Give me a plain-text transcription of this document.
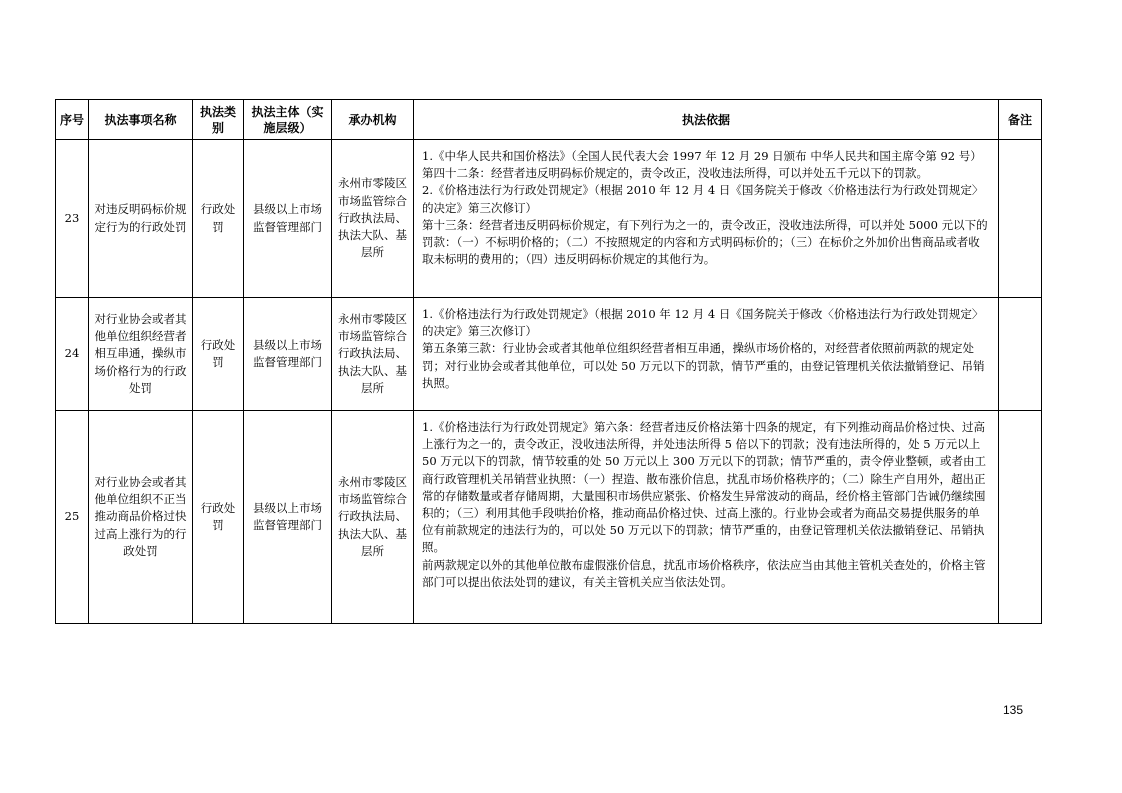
序号	执法事项名称	执法类别	执法主体（实施层级）	承办机构	执法依据	备注
23	对违反明码标价规定行为的行政处罚	行政处罚	县级以上市场监督管理部门	永州市零陵区市场监管综合行政执法局、执法大队、基层所	1.《中华人民共和国价格法》（全国人民代表大会 1997 年 12 月 29 日颁布 中华人民共和国主席令第 92 号）

第四十二条：经营者违反明码标价规定的，责令改正，没收违法所得，可以并处五千元以下的罚款。

2.《价格违法行为行政处罚规定》（根据 2010 年 12 月 4 日《国务院关于修改〈价格违法行为行政处罚规定〉的决定》第三次修订）

第十三条：经营者违反明码标价规定，有下列行为之一的，责令改正，没收违法所得，可以并处 5000 元以下的罚款：（一）不标明价格的；（二）不按照规定的内容和方式明码标价的；（三）在标价之外加价出售商品或者收取未标明的费用的；（四）违反明码标价规定的其他行为。	

24	对行业协会或者其他单位组织经营者相互串通，操纵市场价格行为的行政处罚	行政处罚	县级以上市场监督管理部门	永州市零陵区市场监管综合行政执法局、执法大队、基层所	1.《价格违法行为行政处罚规定》（根据 2010 年 12 月 4 日《国务院关于修改〈价格违法行为行政处罚规定〉的决定》第三次修订）

第五条第三款：行业协会或者其他单位组织经营者相互串通，操纵市场价格的，对经营者依照前两款的规定处罚；对行业协会或者其他单位，可以处 50 万元以下的罚款，情节严重的，由登记管理机关依法撤销登记、吊销执照。	

25	对行业协会或者其他单位组织不正当推动商品价格过快过高上涨行为的行政处罚	行政处罚	县级以上市场监督管理部门	永州市零陵区市场监管综合行政执法局、执法大队、基层所	1.《价格违法行为行政处罚规定》第六条：经营者违反价格法第十四条的规定，有下列推动商品价格过快、过高上涨行为之一的，责令改正，没收违法所得，并处违法所得 5 倍以下的罚款；没有违法所得的，处 5 万元以上 50 万元以下的罚款，情节较重的处 50 万元以上 300 万元以下的罚款；情节严重的，责令停业整顿，或者由工商行政管理机关吊销营业执照：（一）捏造、散布涨价信息，扰乱市场价格秩序的；（二）除生产自用外，超出正常的存储数量或者存储周期，大量囤积市场供应紧张、价格发生异常波动的商品，经价格主管部门告诫仍继续囤积的；（三）利用其他手段哄抬价格，推动商品价格过快、过高上涨的。行业协会或者为商品交易提供服务的单位有前款规定的违法行为的，可以处 50 万元以下的罚款；情节严重的，由登记管理机关依法撤销登记、吊销执照。

前两款规定以外的其他单位散布虚假涨价信息，扰乱市场价格秩序，依法应当由其他主管机关查处的，价格主管部门可以提出依法处罚的建议，有关主管机关应当依法处罚。	

135
